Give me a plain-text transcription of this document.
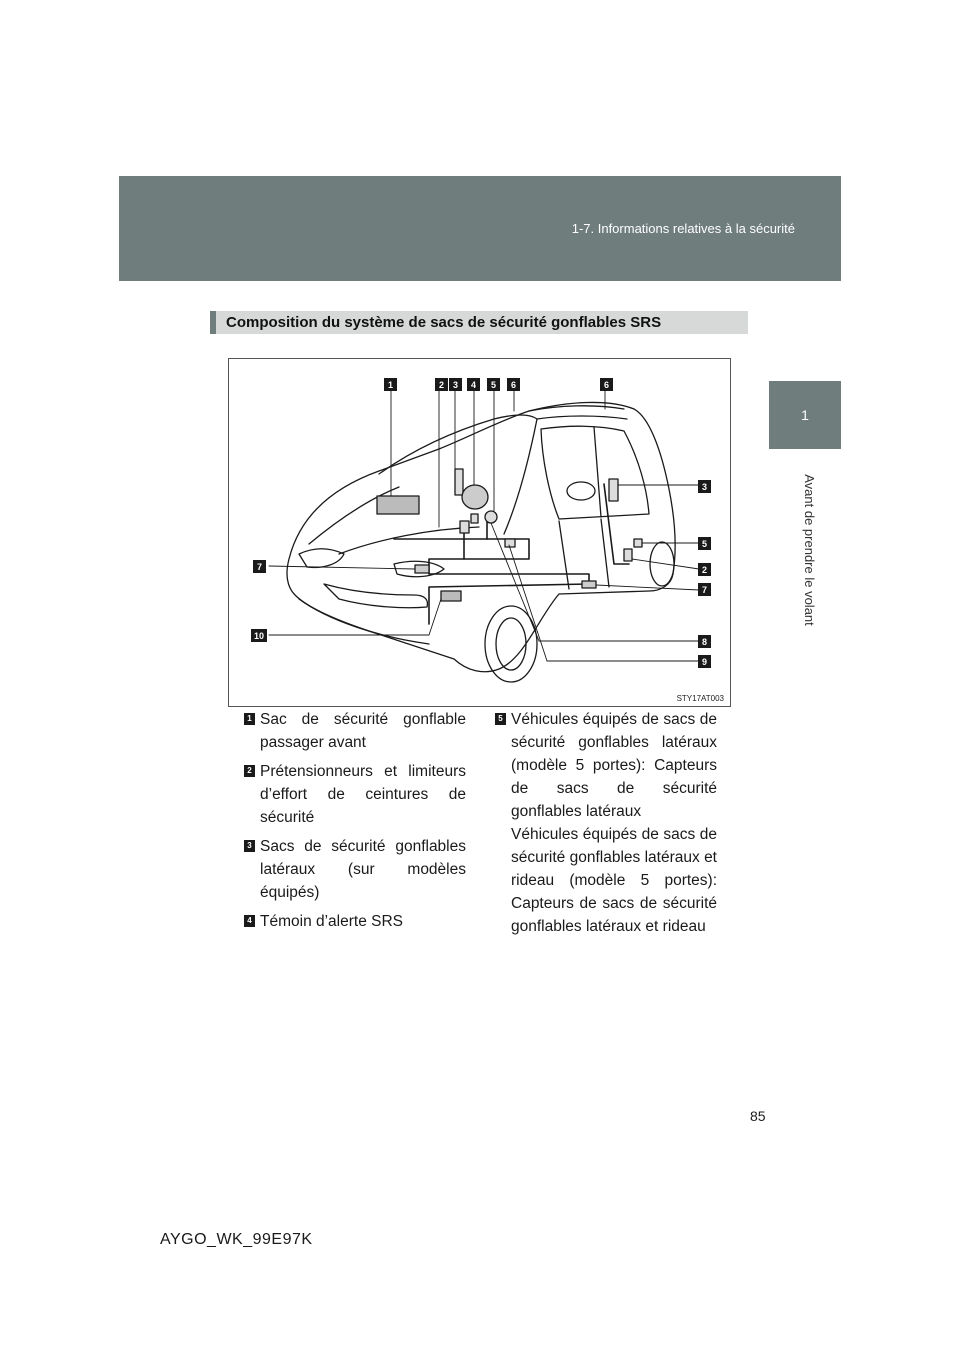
1-7. Informations relatives à la sécurité
1
Avant de prendre le volant
Composition du système de sacs de sécurité gonflables SRS
1	2 3 4 5 6	6
7
10
3
5
2
7
8
9
STY17AT003
1 Sac de sécurité gonflable passager avant
2 Prétensionneurs et limiteurs d’effort de ceintures de sécurité
3 Sacs de sécurité gonflables latéraux (sur modèles équipés)
4 Témoin d’alerte SRS
5 Véhicules équipés de sacs de sécurité gonflables latéraux (modèle 5 portes): Capteurs de sacs de sécurité gonflables latéraux
Véhicules équipés de sacs de sécurité gonflables latéraux et rideau (modèle 5 portes): Capteurs de sacs de sécurité gonflables latéraux et rideau
85
AYGO_WK_99E97K
